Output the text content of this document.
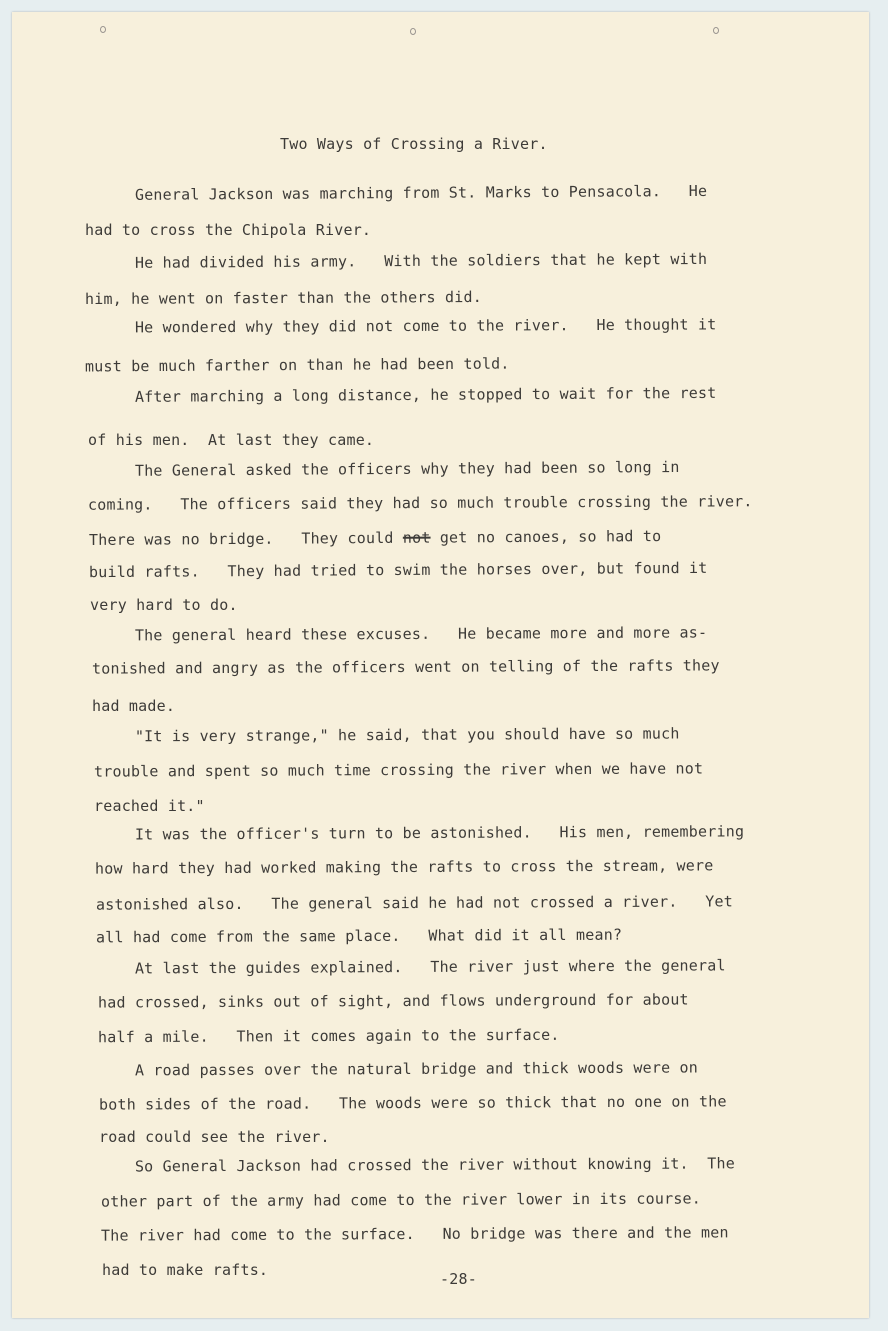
Two Ways of Crossing a River.

General Jackson was marching from St. Marks to Pensacola.   He

had to cross the Chipola River.

He had divided his army.   With the soldiers that he kept with

him, he went on faster than the others did.

He wondered why they did not come to the river.   He thought it

must be much farther on than he had been told.

After marching a long distance, he stopped to wait for the rest

of his men.  At last they came.

The General asked the officers why they had been so long in

coming.   The officers said they had so much trouble crossing the river.

There was no bridge.   They could not get no canoes, so had to

build rafts.   They had tried to swim the horses over, but found it

very hard to do.

The general heard these excuses.   He became more and more as-

tonished and angry as the officers went on telling of the rafts they

had made.

"It is very strange," he said, that you should have so much

trouble and spent so much time crossing the river when we have not

reached it."

It was the officer's turn to be astonished.   His men, remembering

how hard they had worked making the rafts to cross the stream, were

astonished also.   The general said he had not crossed a river.   Yet

all had come from the same place.   What did it all mean?

At last the guides explained.   The river just where the general

had crossed, sinks out of sight, and flows underground for about

half a mile.   Then it comes again to the surface.

A road passes over the natural bridge and thick woods were on

both sides of the road.   The woods were so thick that no one on the

road could see the river.

So General Jackson had crossed the river without knowing it.  The

other part of the army had come to the river lower in its course.

The river had come to the surface.   No bridge was there and the men

had to make rafts.	-28-
